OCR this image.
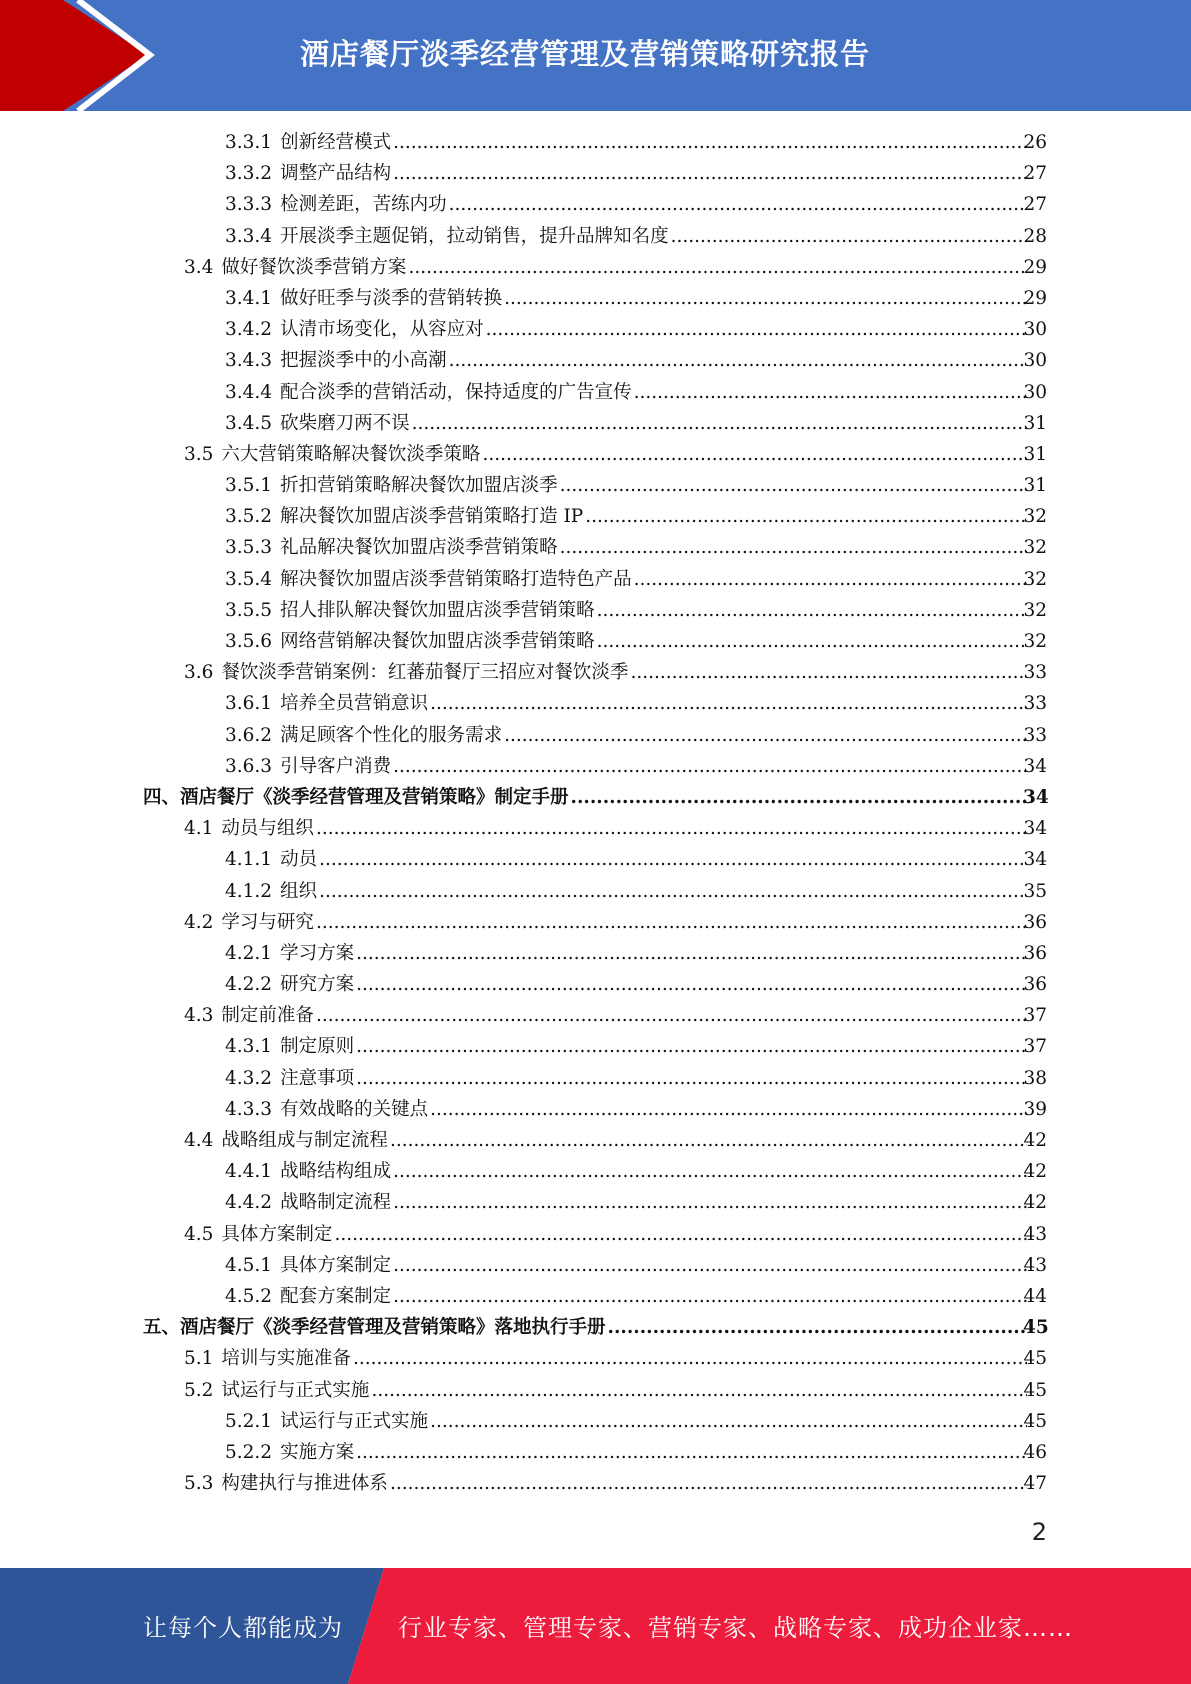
酒店餐厅淡季经营管理及营销策略研究报告
3.3.1 创新经营模式 .....	26
3.3.2 调整产品结构 .....	27
3.3.3 检测差距，苦练内功 .....	27
3.3.4 开展淡季主题促销，拉动销售，提升品牌知名度 .....	28
3.4 做好餐饮淡季营销方案 .....	29
3.4.1 做好旺季与淡季的营销转换 .....	29
3.4.2 认清市场变化，从容应对 .....	30
3.4.3 把握淡季中的小高潮 .....	30
3.4.4 配合淡季的营销活动，保持适度的广告宣传 .....	30
3.4.5 砍柴磨刀两不误 .....	31
3.5 六大营销策略解决餐饮淡季策略 .....	31
3.5.1 折扣营销策略解决餐饮加盟店淡季 .....	31
3.5.2 解决餐饮加盟店淡季营销策略打造 IP .....	32
3.5.3 礼品解决餐饮加盟店淡季营销策略 .....	32
3.5.4 解决餐饮加盟店淡季营销策略打造特色产品 .....	32
3.5.5 招人排队解决餐饮加盟店淡季营销策略 .....	32
3.5.6 网络营销解决餐饮加盟店淡季营销策略 .....	32
3.6 餐饮淡季营销案例：红蕃茄餐厅三招应对餐饮淡季 .....	33
3.6.1 培养全员营销意识 .....	33
3.6.2 满足顾客个性化的服务需求 .....	33
3.6.3 引导客户消费 .....	34
四、酒店餐厅《淡季经营管理及营销策略》制定手册 .....	34
4.1 动员与组织 .....	34
4.1.1 动员 .....	34
4.1.2 组织 .....	35
4.2 学习与研究 .....	36
4.2.1 学习方案 .....	36
4.2.2 研究方案 .....	36
4.3 制定前准备 .....	37
4.3.1 制定原则 .....	37
4.3.2 注意事项 .....	38
4.3.3 有效战略的关键点 .....	39
4.4 战略组成与制定流程 .....	42
4.4.1 战略结构组成 .....	42
4.4.2 战略制定流程 .....	42
4.5 具体方案制定 .....	43
4.5.1 具体方案制定 .....	43
4.5.2 配套方案制定 .....	44
五、酒店餐厅《淡季经营管理及营销策略》落地执行手册 .....	45
5.1 培训与实施准备 .....	45
5.2 试运行与正式实施 .....	45
5.2.1 试运行与正式实施 .....	45
5.2.2 实施方案 .....	46
5.3 构建执行与推进体系 .....	47
2
让每个人都能成为 行业专家、管理专家、营销专家、战略专家、成功企业家……
